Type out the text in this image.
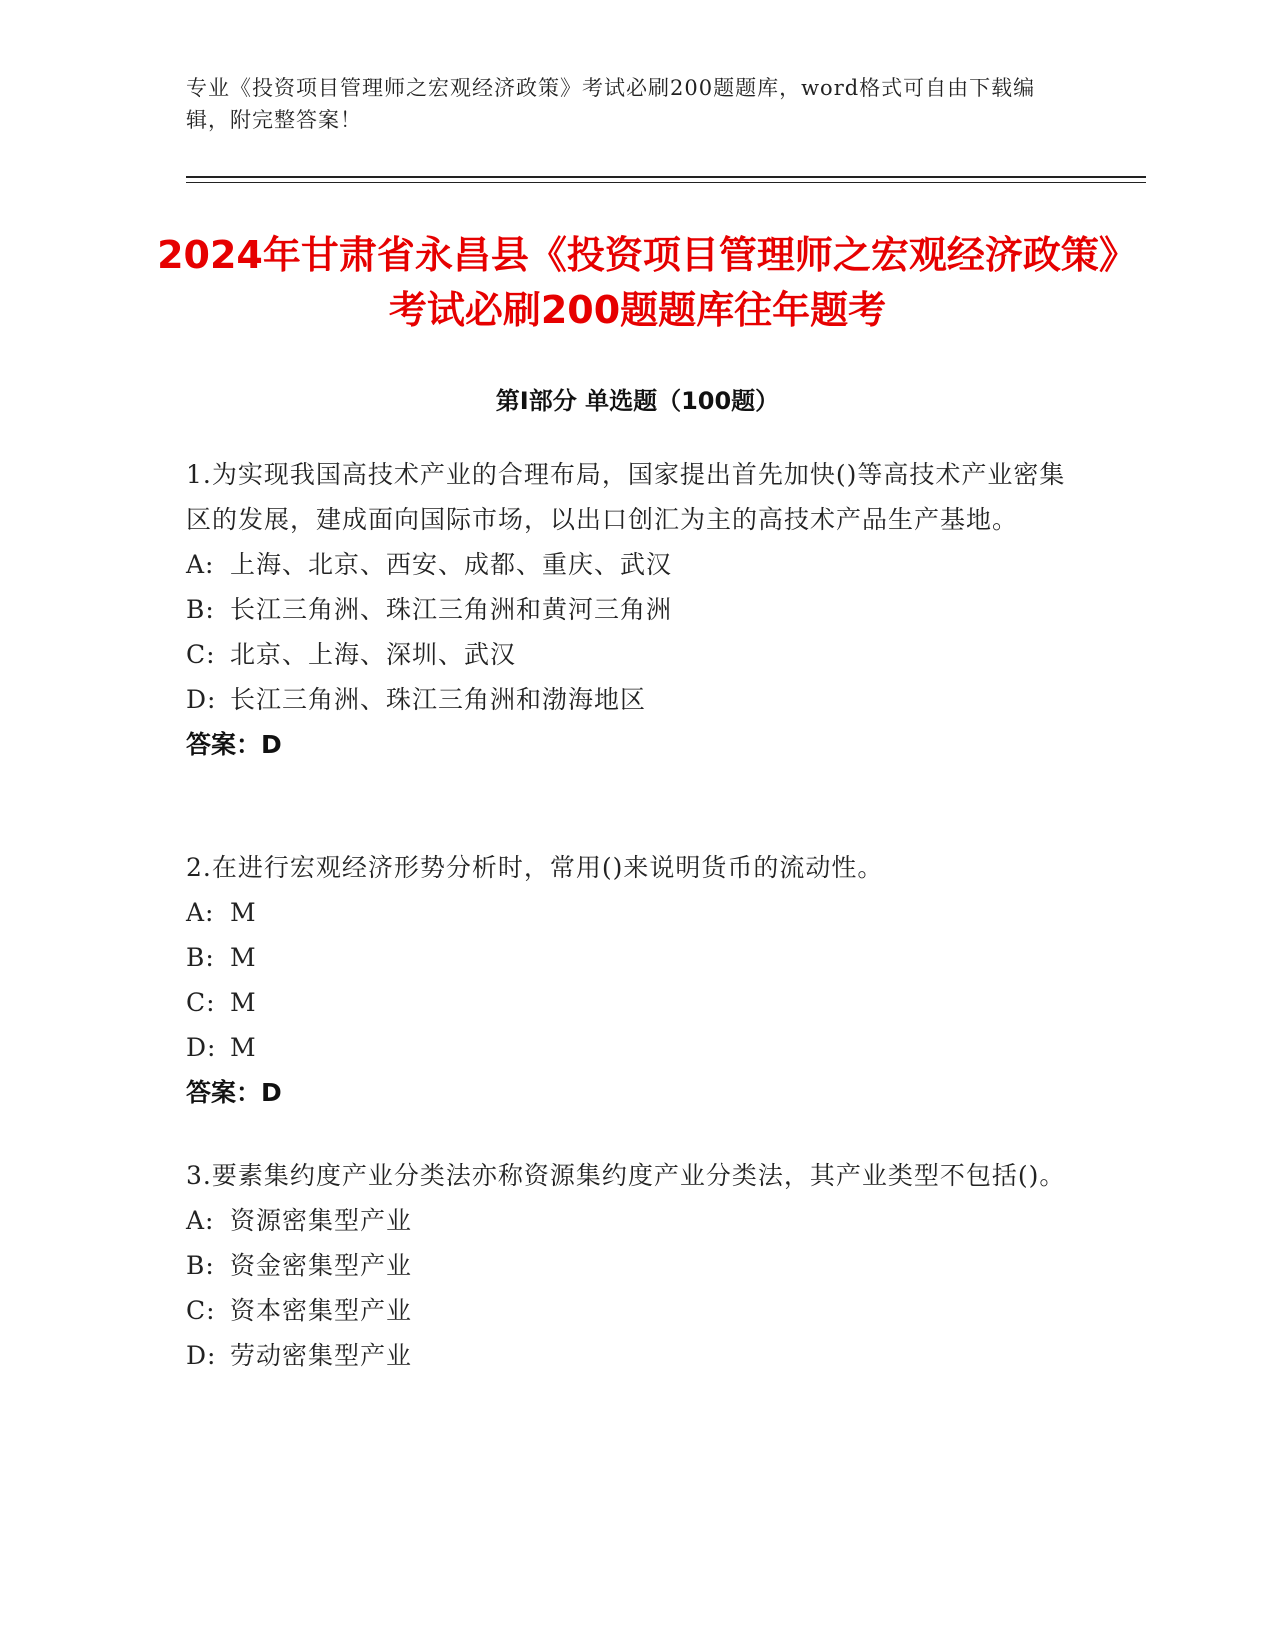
专业《投资项目管理师之宏观经济政策》考试必刷200题题库，word格式可自由下载编辑，附完整答案！
2024年甘肃省永昌县《投资项目管理师之宏观经济政策》考试必刷200题题库往年题考
第Ⅰ部分 单选题（100题）

1.为实现我国高技术产业的合理布局，国家提出首先加快()等高技术产业密集区的发展，建成面向国际市场，以出口创汇为主的高技术产品生产基地。

A: 上海、北京、西安、成都、重庆、武汉
B: 长江三角洲、珠江三角洲和黄河三角洲
C: 北京、上海、深圳、武汉
D: 长江三角洲、珠江三角洲和渤海地区
答案：D

2.在进行宏观经济形势分析时，常用()来说明货币的流动性。

A: M
B: M
C: M
D: M
答案：D

3.要素集约度产业分类法亦称资源集约度产业分类法，其产业类型不包括()。

A: 资源密集型产业
B: 资金密集型产业
C: 资本密集型产业
D: 劳动密集型产业
